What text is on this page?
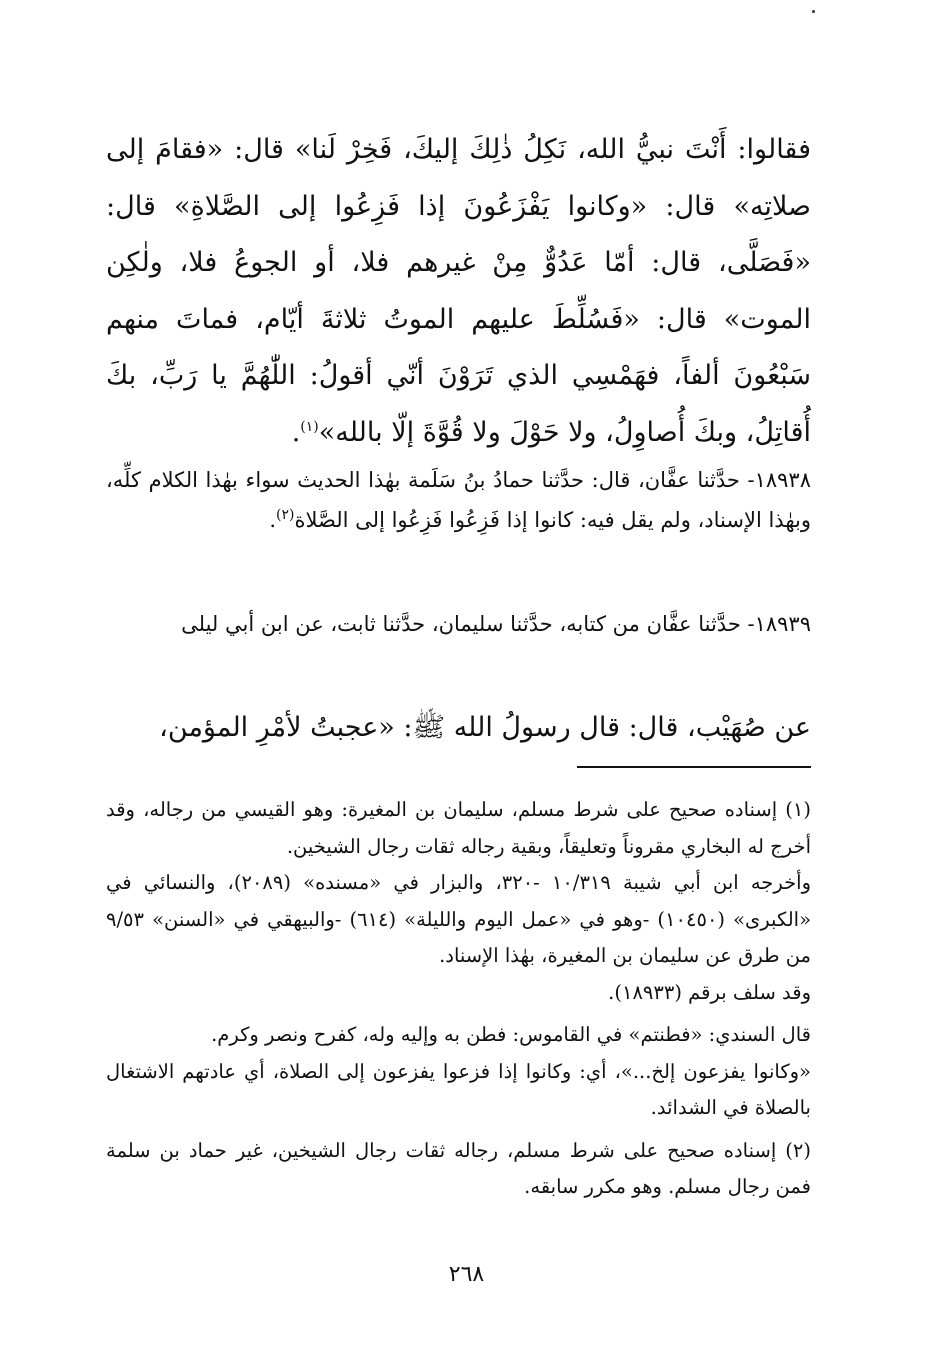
فقالوا: أَنْتَ نبيُّ الله، نَكِلُ ذٰلِكَ إليكَ، فَخِرْ لَنا» قال: «فقامَ إلى صلاتِه» قال: «وكانوا يَفْزَعُونَ إذا فَزِعُوا إلى الصَّلاةِ» قال: «فَصَلَّى، قال: أمّا عَدُوٌّ مِنْ غيرهم فلا، أو الجوعُ فلا، ولٰكِن الموت» قال: «فَسُلِّطَ عليهم الموتُ ثلاثةَ أيّام، فماتَ منهم سَبْعُونَ ألفاً، فهَمْسِي الذي تَرَوْنَ أنّي أقولُ: اللّٰهُمَّ يا رَبِّ، بكَ أُقاتِلُ، وبكَ أُصاوِلُ، ولا حَوْلَ ولا قُوَّةَ إلّا بالله»$^{(١)}$.
١٨٩٣٨- حدَّثنا عفَّان، قال: حدَّثنا حمادُ بنُ سَلَمة بهٰذا الحديث سواء بهٰذا الكلام كلِّه، وبهٰذا الإسناد، ولم يقل فيه: كانوا إذا فَزِعُوا فَزِعُوا إلى الصَّلاة$^{(٢)}$.
١٨٩٣٩- حدَّثنا عفَّان من كتابه، حدَّثنا سليمان، حدَّثنا ثابت، عن ابن أبي ليلى
عن صُهَيْب، قال: قال رسولُ الله ﷺ: «عجبتُ لأمْرِ المؤمن،

(١) إسناده صحيح على شرط مسلم، سليمان بن المغيرة: وهو القيسي من رجاله، وقد أخرج له البخاري مقروناً وتعليقاً، وبقية رجاله ثقات رجال الشيخين.

وأخرجه ابن أبي شيبة ١٠/٣١٩ -٣٢٠، والبزار في «مسنده» (٢٠٨٩)، والنسائي في «الكبرى» (١٠٤٥٠) -وهو في «عمل اليوم والليلة» (٦١٤) -والبيهقي في «السنن» ٩/٥٣ من طرق عن سليمان بن المغيرة، بهٰذا الإسناد.

وقد سلف برقم (١٨٩٣٣).

قال السندي: «فطنتم» في القاموس: فطن به وإليه وله، كفرح ونصر وكرم.

«وكانوا يفزعون إلخ...»، أي: وكانوا إذا فزعوا يفزعون إلى الصلاة، أي عادتهم الاشتغال بالصلاة في الشدائد.

(٢) إسناده صحيح على شرط مسلم، رجاله ثقات رجال الشيخين، غير حماد بن سلمة فمن رجال مسلم. وهو مكرر سابقه.

٢٦٨
